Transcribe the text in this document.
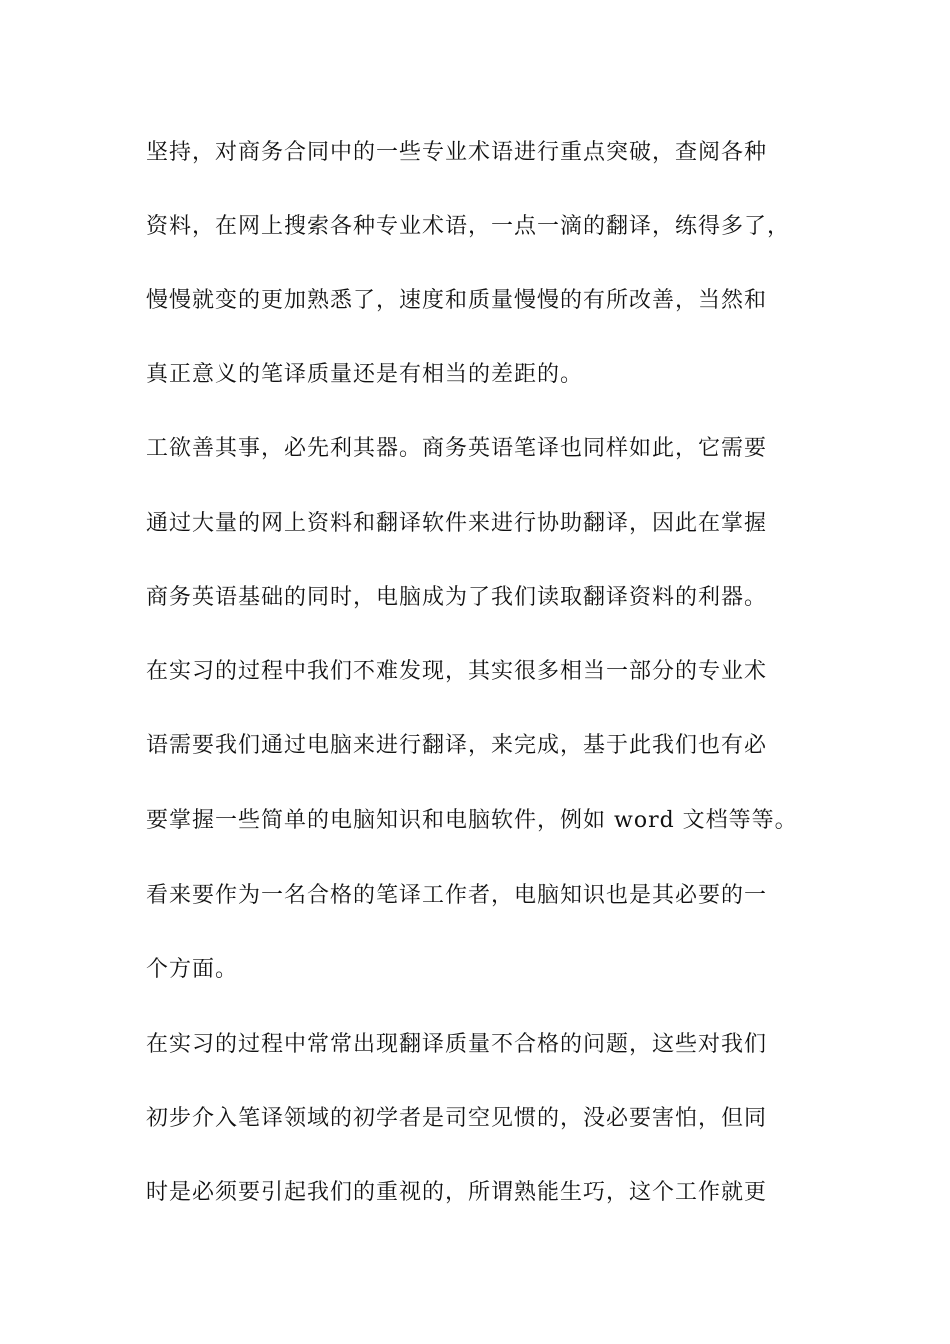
坚持，对商务合同中的一些专业术语进行重点突破，查阅各种

资料，在网上搜索各种专业术语，一点一滴的翻译，练得多了，

慢慢就变的更加熟悉了，速度和质量慢慢的有所改善，当然和

真正意义的笔译质量还是有相当的差距的。

工欲善其事，必先利其器。商务英语笔译也同样如此，它需要

通过大量的网上资料和翻译软件来进行协助翻译，因此在掌握

商务英语基础的同时，电脑成为了我们读取翻译资料的利器。

在实习的过程中我们不难发现，其实很多相当一部分的专业术

语需要我们通过电脑来进行翻译，来完成，基于此我们也有必

要掌握一些简单的电脑知识和电脑软件，例如 word 文档等等。

看来要作为一名合格的笔译工作者，电脑知识也是其必要的一

个方面。

在实习的过程中常常出现翻译质量不合格的问题，这些对我们

初步介入笔译领域的初学者是司空见惯的，没必要害怕，但同

时是必须要引起我们的重视的，所谓熟能生巧，这个工作就更
